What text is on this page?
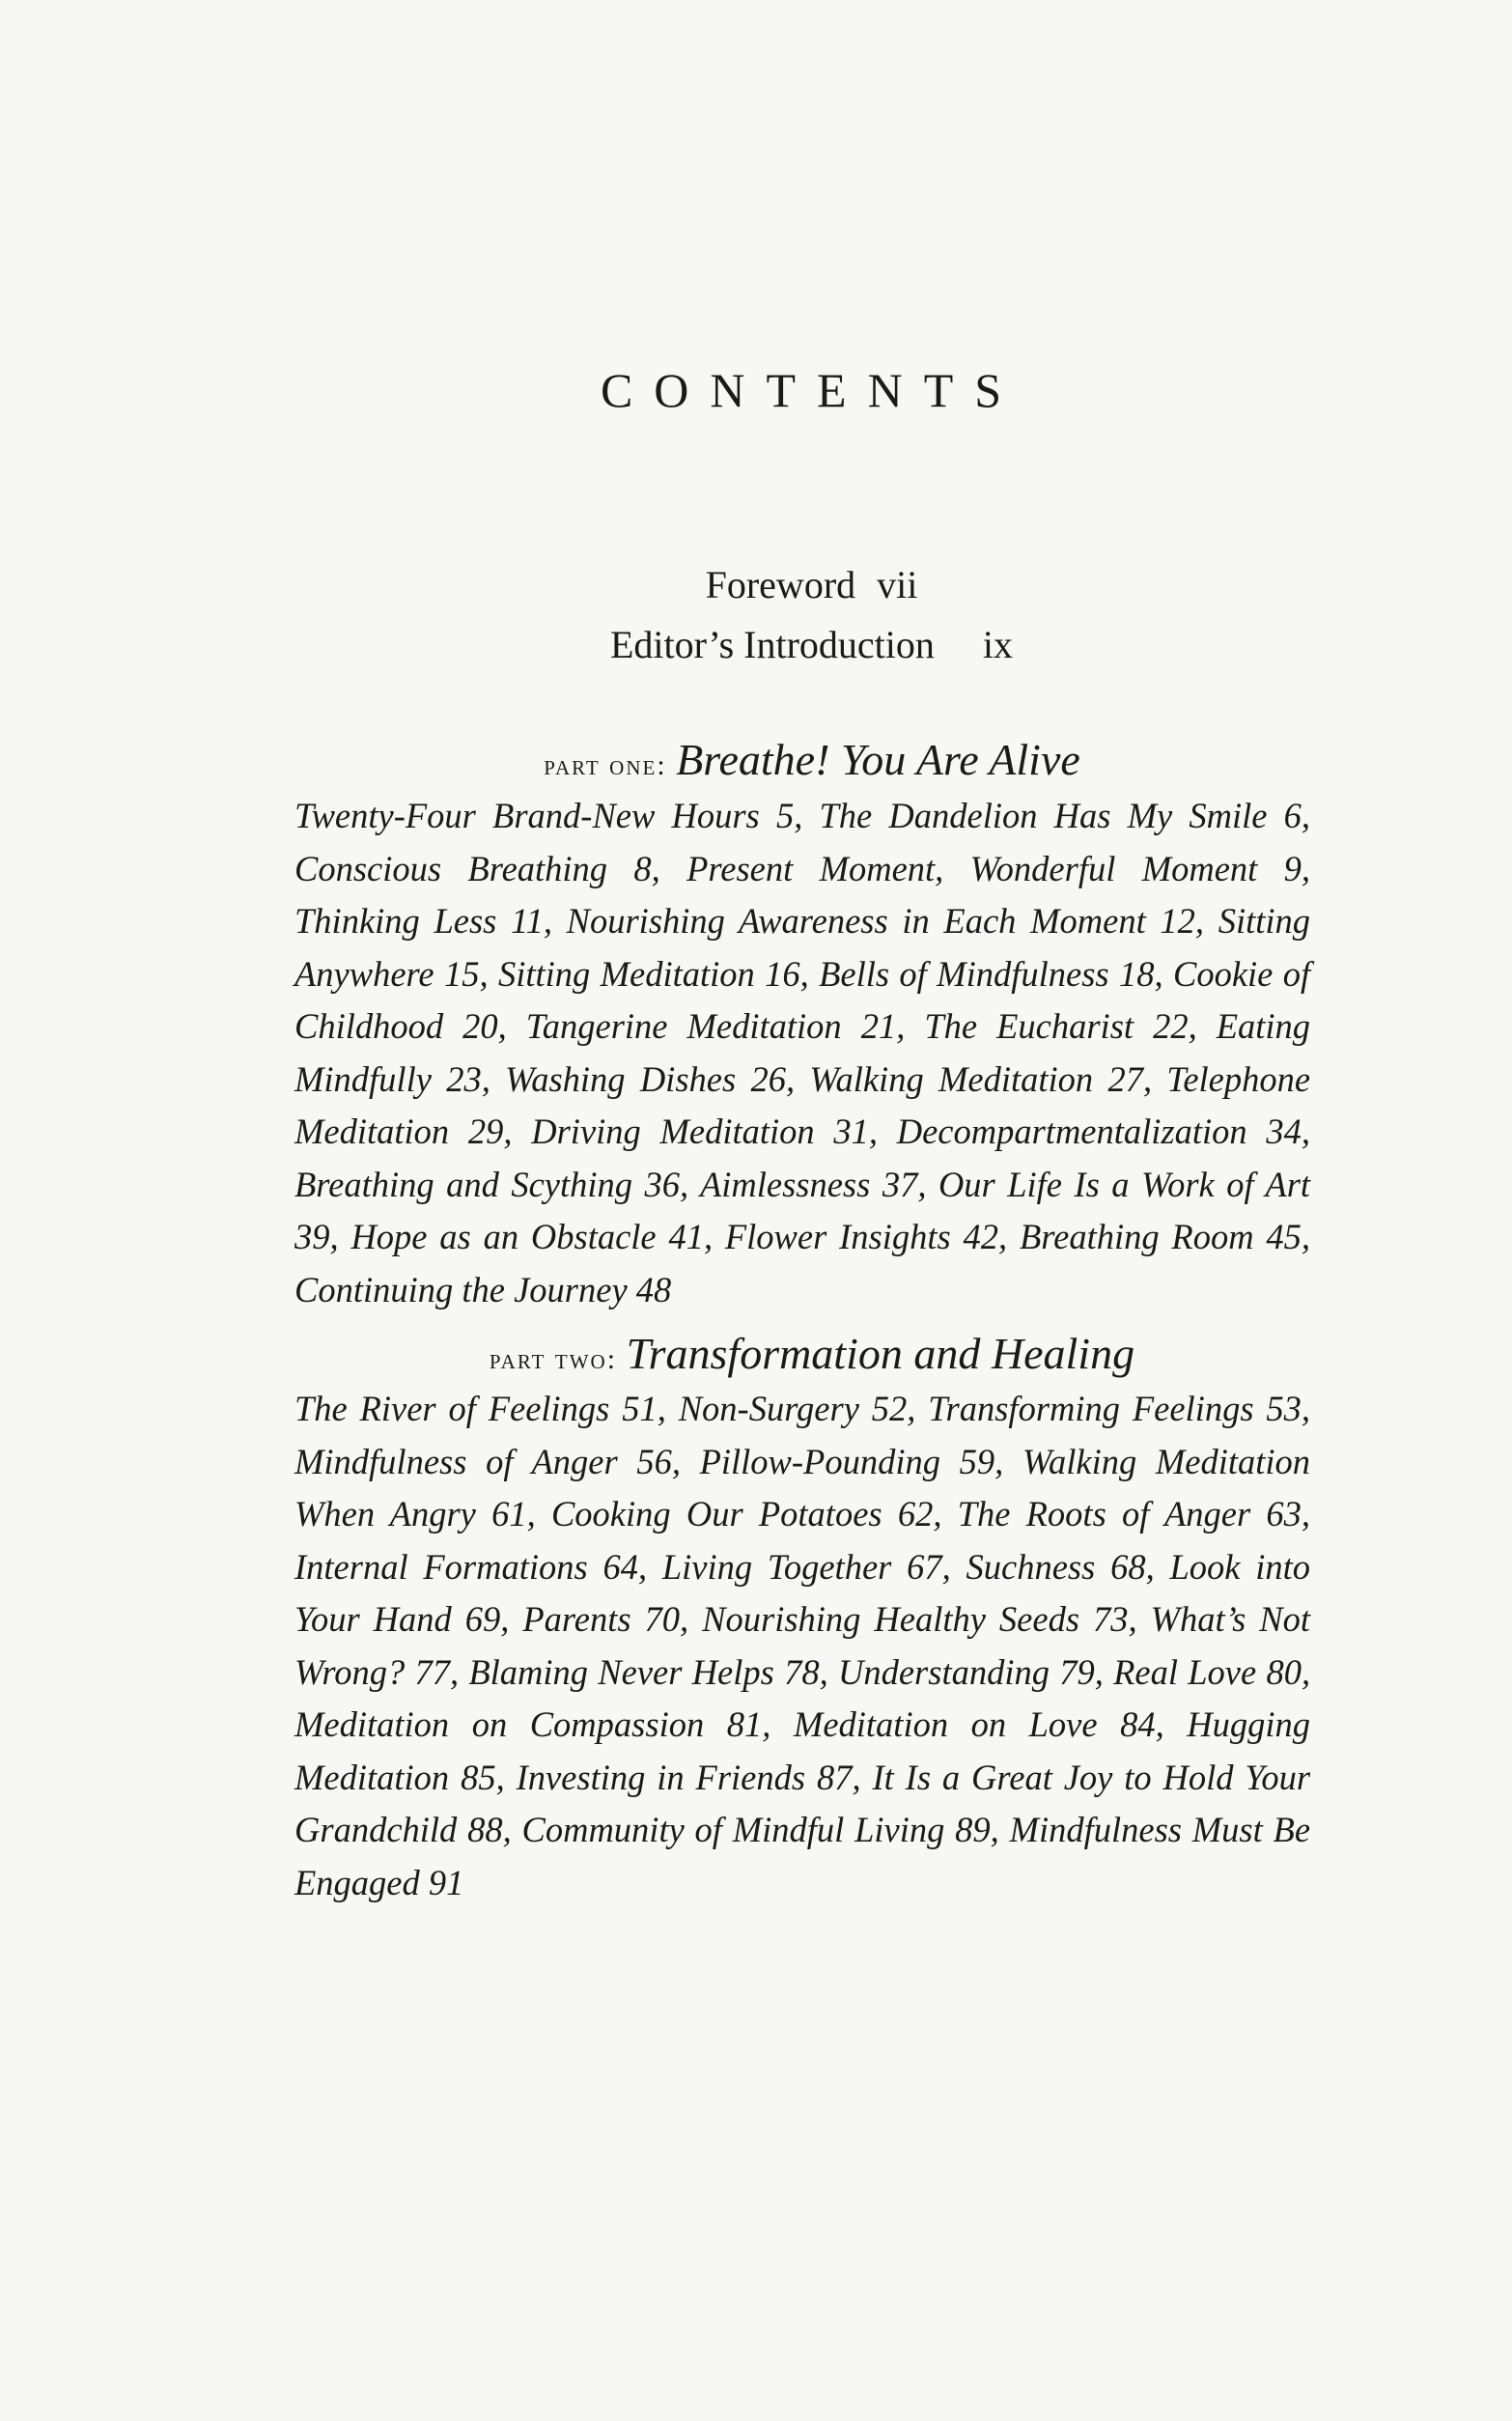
CONTENTS
Foreword vii
Editor’s Introduction ix
part one: Breathe! You Are Alive

Twenty-Four Brand-New Hours 5, The Dandelion Has My Smile 6, Conscious Breathing 8, Present Moment, Wonderful Moment 9, Thinking Less 11, Nourishing Awareness in Each Moment 12, Sitting Anywhere 15, Sitting Meditation 16, Bells of Mindfulness 18, Cookie of Childhood 20, Tangerine Meditation 21, The Eucharist 22, Eating Mindfully 23, Washing Dishes 26, Walking Meditation 27, Telephone Meditation 29, Driving Meditation 31, Decompartmentalization 34, Breathing and Scything 36, Aimlessness 37, Our Life Is a Work of Art 39, Hope as an Obstacle 41, Flower Insights 42, Breathing Room 45, Continuing the Journey 48

part two: Transformation and Healing

The River of Feelings 51, Non-Surgery 52, Transforming Feelings 53, Mindfulness of Anger 56, Pillow-Pounding 59, Walking Meditation When Angry 61, Cooking Our Potatoes 62, The Roots of Anger 63, Internal Formations 64, Living Together 67, Suchness 68, Look into Your Hand 69, Parents 70, Nourishing Healthy Seeds 73, What’s Not Wrong? 77, Blaming Never Helps 78, Understanding 79, Real Love 80, Meditation on Compassion 81, Meditation on Love 84, Hugging Meditation 85, Investing in Friends 87, It Is a Great Joy to Hold Your Grandchild 88, Community of Mindful Living 89, Mindfulness Must Be Engaged 91
